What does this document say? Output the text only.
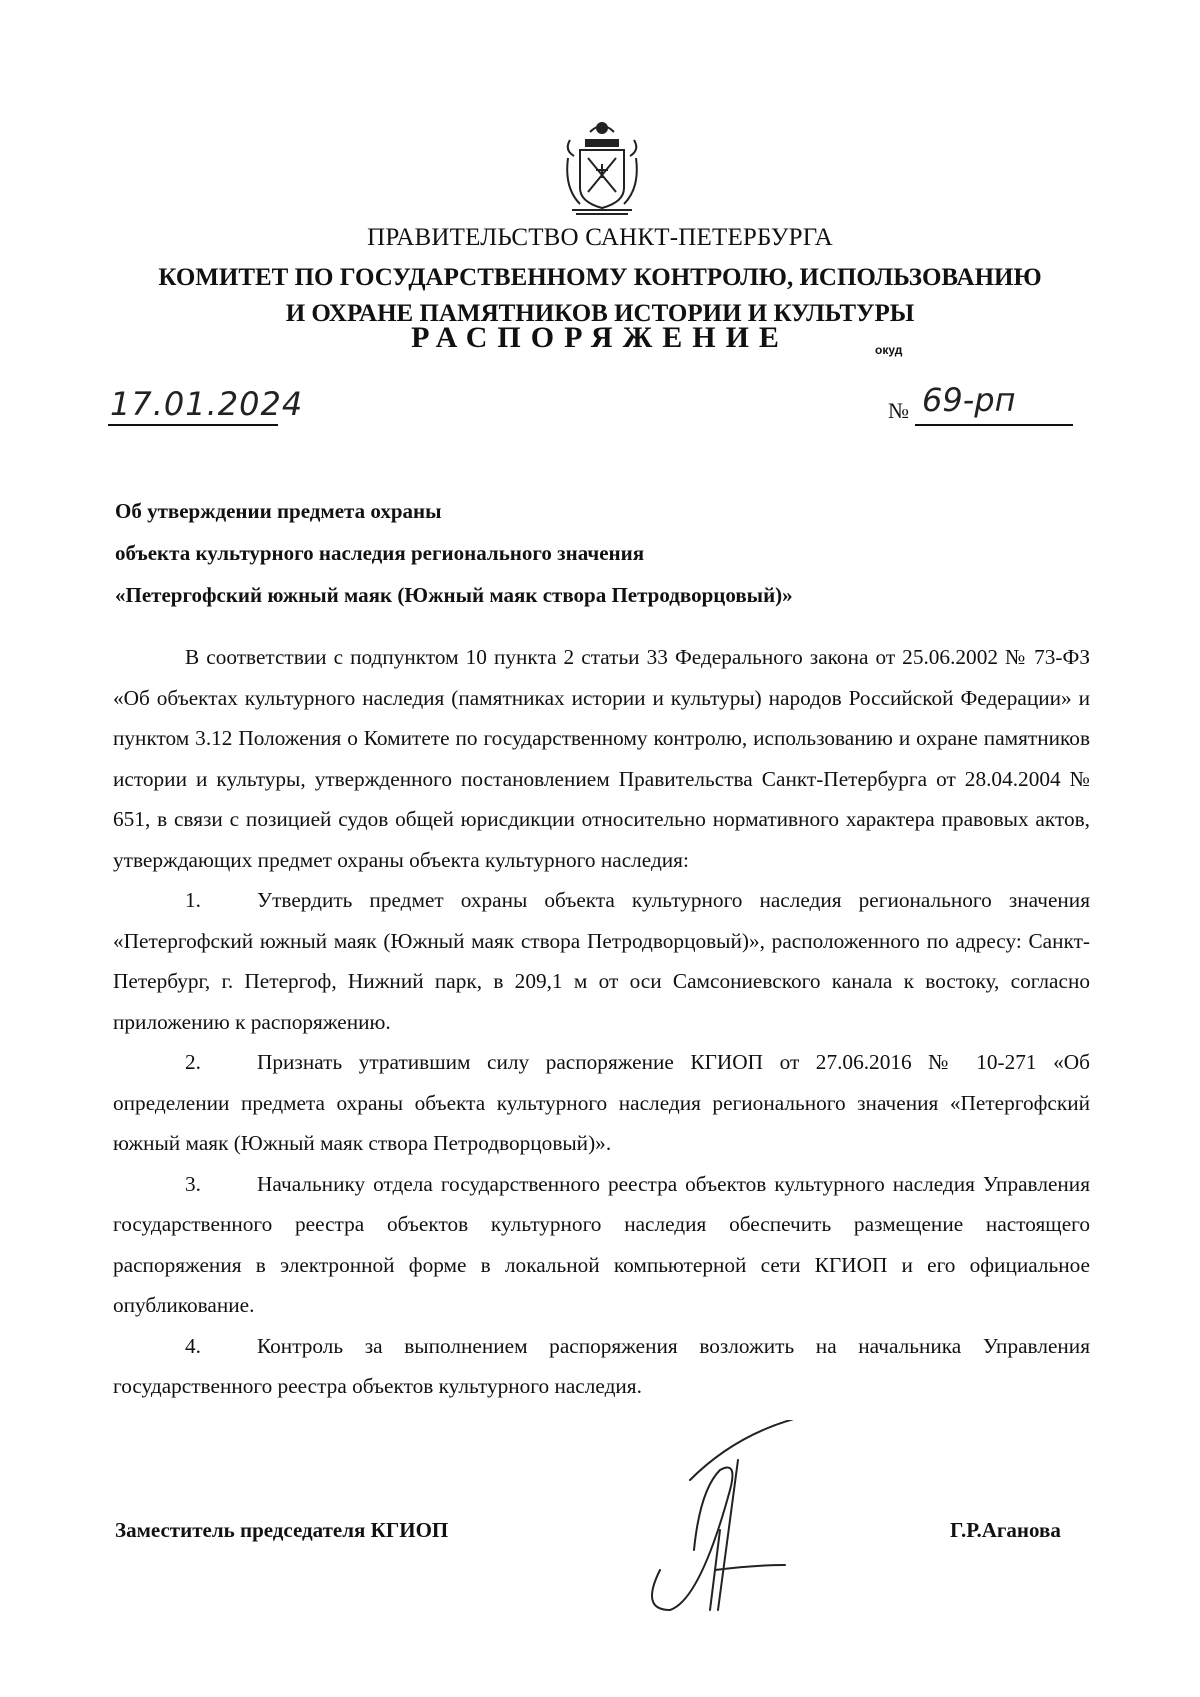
ПРАВИТЕЛЬСТВО САНКТ-ПЕТЕРБУРГА
КОМИТЕТ ПО ГОСУДАРСТВЕННОМУ КОНТРОЛЮ, ИСПОЛЬЗОВАНИЮ
И ОХРАНЕ ПАМЯТНИКОВ ИСТОРИИ И КУЛЬТУРЫ
РАСПОРЯЖЕНИЕ	окуд
17.01.2024	№ 69-рп
Об утверждении предмета охраны
объекта культурного наследия регионального значения
«Петергофский южный маяк (Южный маяк створа Петродворцовый)»

В соответствии с подпунктом 10 пункта 2 статьи 33 Федерального закона от 25.06.2002 № 73-ФЗ «Об объектах культурного наследия (памятниках истории и культуры) народов Российской Федерации» и пунктом 3.12 Положения о Комитете по государственному контролю, использованию и охране памятников истории и культуры, утвержденного постановлением Правительства Санкт-Петербурга от 28.04.2004 № 651, в связи с позицией судов общей юрисдикции относительно нормативного характера правовых актов, утверждающих предмет охраны объекта культурного наследия:

1.	Утвердить предмет охраны объекта культурного наследия регионального значения «Петергофский южный маяк (Южный маяк створа Петродворцовый)», расположенного по адресу: Санкт-Петербург, г. Петергоф, Нижний парк, в 209,1 м от оси Самсониевского канала к востоку, согласно приложению к распоряжению.

2.	Признать утратившим силу распоряжение КГИОП от 27.06.2016 № 10-271 «Об определении предмета охраны объекта культурного наследия регионального значения «Петергофский южный маяк (Южный маяк створа Петродворцовый)».

3.	Начальнику отдела государственного реестра объектов культурного наследия Управления государственного реестра объектов культурного наследия обеспечить размещение настоящего распоряжения в электронной форме в локальной компьютерной сети КГИОП и его официальное опубликование.

4.	Контроль за выполнением распоряжения возложить на начальника Управления государственного реестра объектов культурного наследия.

Заместитель председателя КГИОП	Г.Р.Аганова
